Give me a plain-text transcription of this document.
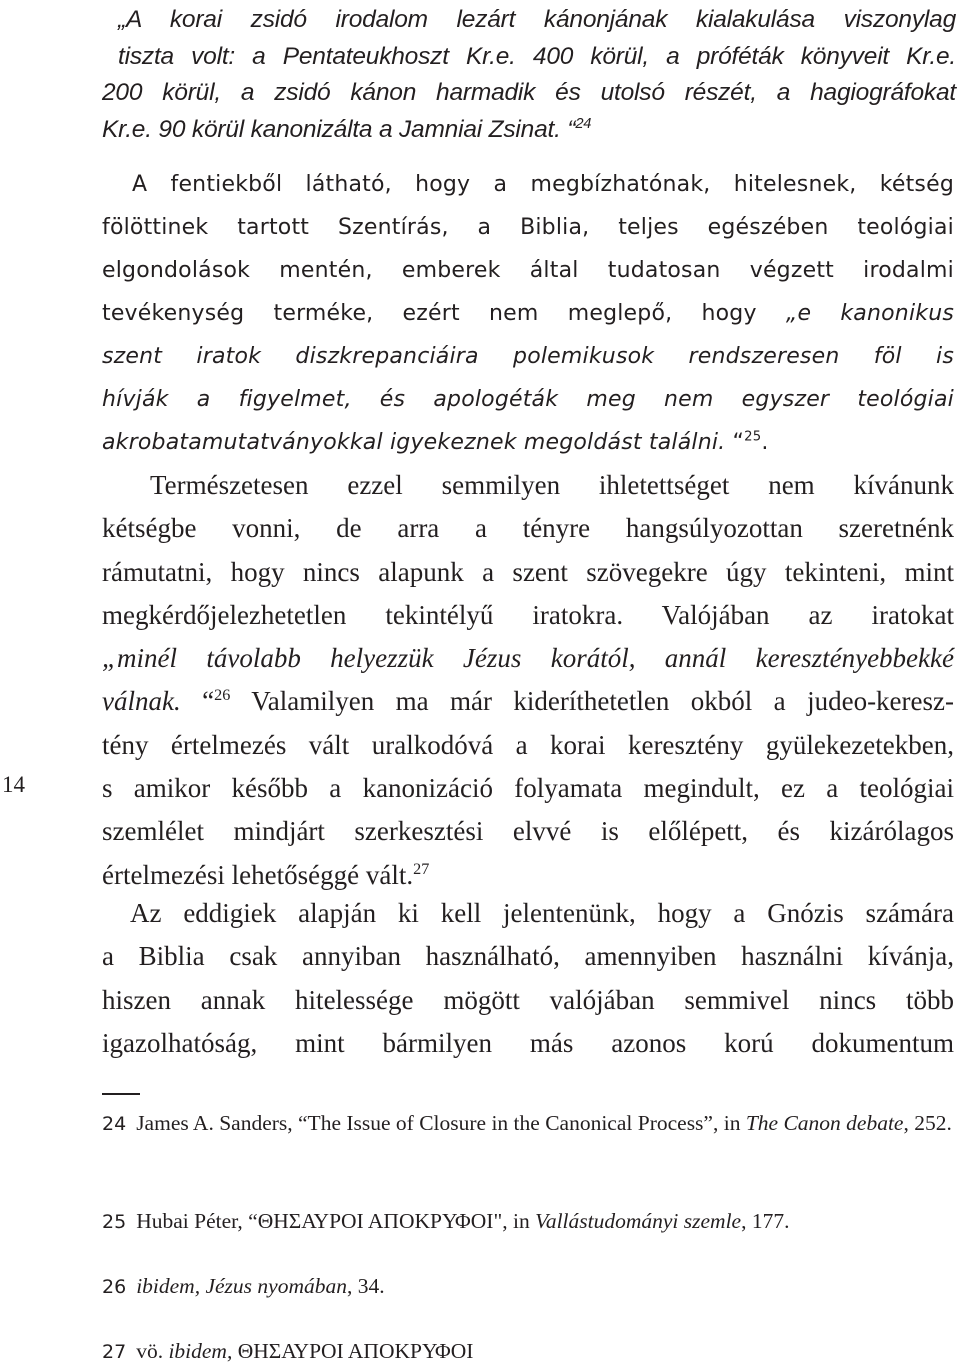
14

„A korai zsidó irodalom lezárt kánonjának kialakulása viszonylag

tiszta volt: a Pentateukhoszt Kr.e. 400 körül, a próféták könyveit Kr.e.

200 körül, a zsidó kánon harmadik és utolsó részét, a hagiográfokat

Kr.e. 90 körül kanonizálta a Jamniai Zsinat. “$^{24}$

A fentiekből látható, hogy a megbízhatónak, hitelesnek, kétség

fölöttinek tartott Szentírás, a Biblia, teljes egészében teológiai

elgondolások mentén, emberek által tudatosan végzett irodalmi

tevékenység terméke, ezért nem meglepő, hogy „e kanonikus

szent iratok diszkrepanciáira polemikusok rendszeresen föl is

hívják a figyelmet, és apologéták meg nem egyszer teológiai

akrobatamutatványokkal igyekeznek megoldást találni. “$^{25}$.

Természetesen ezzel semmilyen ihletettséget nem kívánunk

kétségbe vonni, de arra a tényre hangsúlyozottan szeretnénk

rámutatni, hogy nincs alapunk a szent szövegekre úgy tekinteni, mint

megkérdőjelezhetetlen tekintélyű iratokra. Valójában az iratokat

„minél távolabb helyezzük Jézus korától, annál keresztényebbekké

válnak. “$^{26}$ Valamilyen ma már kideríthetetlen okból a judeo-keresz-

tény értelmezés vált uralkodóvá a korai keresztény gyülekezetekben,

s amikor később a kanonizáció folyamata megindult, ez a teológiai

szemlélet mindjárt szerkesztési elvvé is előlépett, és kizárólagos

értelmezési lehetőséggé vált.$^{27}$

Az eddigiek alapján ki kell jelentenünk, hogy a Gnózis számára

a Biblia csak annyiban használható, amennyiben használni kívánja,

hiszen annak hitelessége mögött valójában semmivel nincs több

igazolhatóság, mint bármilyen más azonos korú dokumentum

24 James A. Sanders, “The Issue of Closure in the Canonical Process”, in The Canon debate, 252.
25 Hubai Péter, “ΘΗΣΑΥΡΟΙ ΑΠΟΚΡΥΦΟΙ", in Vallástudományi szemle, 177.
26 ibidem, Jézus nyomában, 34.
27 vö. ibidem, ΘΗΣΑΥΡΟΙ ΑΠΟΚΡΥΦΟΙ
